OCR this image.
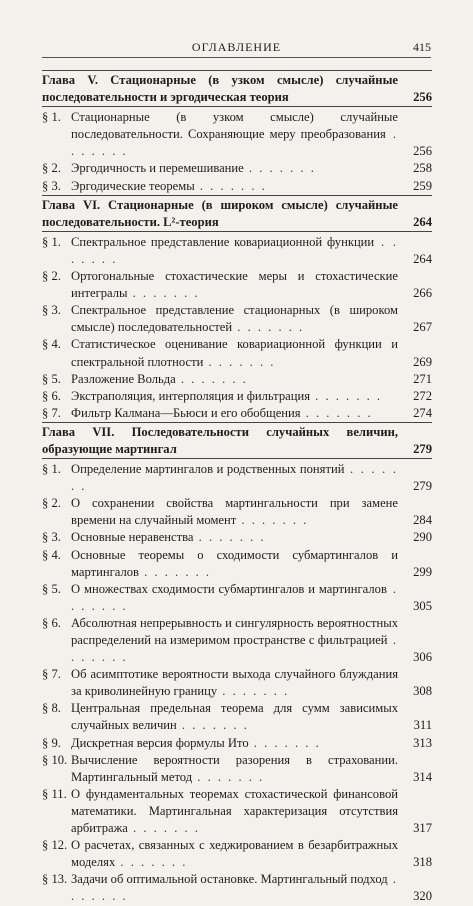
ОГЛАВЛЕНИЕ	415
Глава V. Стационарные (в узком смысле) случайные последовательности и эргодическая теория	256
§ 1. Стационарные (в узком смысле) случайные последовательности. Сохраняющие меру преобразования . . . . . . .	256
§ 2. Эргодичность и перемешивание . . . . . . .	258
§ 3. Эргодические теоремы . . . . . . .	259
Глава VI. Стационарные (в широком смысле) случайные последовательности. L²-теория	264
§ 1. Спектральное представление ковариационной функции . . . . . . .	264
§ 2. Ортогональные стохастические меры и стохастические интегралы . . . . . . .	266
§ 3. Спектральное представление стационарных (в широком смысле) последовательностей . . . . . . .	267
§ 4. Статистическое оценивание ковариационной функции и спектральной плотности . . . . . . .	269
§ 5. Разложение Вольда . . . . . . .	271
§ 6. Экстраполяция, интерполяция и фильтрация . . . . . . . 272
§ 7. Фильтр Калмана—Бьюси и его обобщения . . . . . . .	274
Глава VII. Последовательности случайных величин, образующие мартингал	279
§ 1. Определение мартингалов и родственных понятий . . . . . . .	279
§ 2. О сохранении свойства мартингальности при замене времени на случайный момент . . . . . . .	284
§ 3. Основные неравенства . . . . . . .	290
§ 4. Основные теоремы о сходимости субмартингалов и мартингалов . . . . . . .	299
§ 5. О множествах сходимости субмартингалов и мартингалов . . . . . . .	305
§ 6. Абсолютная непрерывность и сингулярность вероятностных распределений на измеримом пространстве с фильтрацией . . . . . . .	306
§ 7. Об асимптотике вероятности выхода случайного блуждания за криволинейную границу . . . . . . .	308
§ 8. Центральная предельная теорема для сумм зависимых случайных величин . . . . . . .	311
§ 9. Дискретная версия формулы Ито . . . . . . .	313
§ 10. Вычисление вероятности разорения в страховании. Мартингальный метод . . . . . . .	314
§ 11. О фундаментальных теоремах стохастической финансовой математики. Мартингальная характеризация отсутствия арбитража . . . . . . .	317
§ 12. О расчетах, связанных с хеджированием в безарбитражных моделях . . . . . . .	318
§ 13. Задачи об оптимальной остановке. Мартингальный подход . . . . . . .	320
